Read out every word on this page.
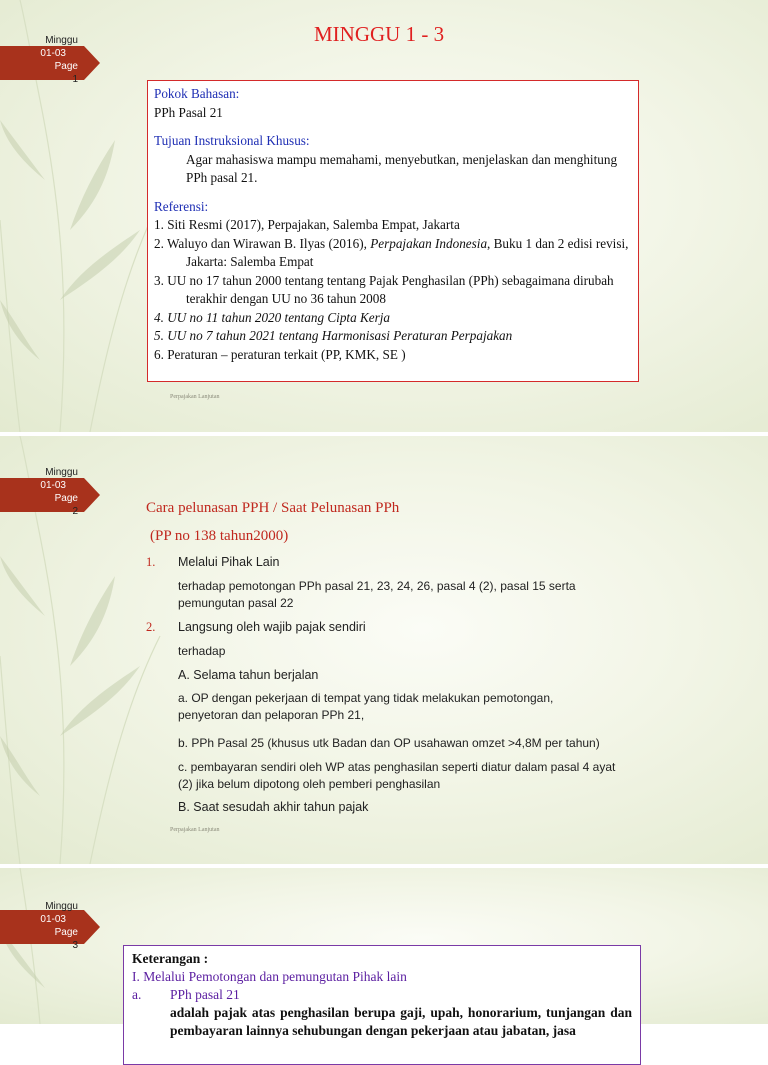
Minggu
01-03
Page
1
MINGGU 1 - 3
Pokok Bahasan:
PPh Pasal 21
Tujuan Instruksional Khusus:
Agar mahasiswa mampu memahami, menyebutkan, menjelaskan dan menghitung PPh pasal 21.
Referensi:
1. Siti Resmi (2017), Perpajakan, Salemba Empat, Jakarta
2. Waluyo dan Wirawan B. Ilyas (2016), Perpajakan Indonesia, Buku 1 dan 2 edisi revisi, Jakarta: Salemba Empat
3. UU no 17 tahun 2000 tentang tentang Pajak Penghasilan (PPh) sebagaimana dirubah terakhir dengan UU no 36 tahun 2008
4. UU no 11 tahun 2020 tentang Cipta Kerja
5. UU no 7 tahun 2021 tentang Harmonisasi Peraturan Perpajakan
6. Peraturan – peraturan terkait (PP, KMK, SE )
Perpajakan Lanjutan
Minggu
01-03
Page
2	Cara pelunasan PPH / Saat Pelunasan PPh
(PP no 138 tahun2000)
1. Melalui Pihak Lain
terhadap pemotongan PPh pasal 21, 23, 24, 26, pasal 4 (2), pasal 15 serta pemungutan pasal 22
2. Langsung oleh wajib pajak sendiri
terhadap
A. Selama tahun berjalan
a. OP dengan pekerjaan di tempat yang tidak melakukan pemotongan, penyetoran dan pelaporan PPh 21,
b. PPh Pasal 25 (khusus utk Badan dan OP usahawan omzet >4,8M per tahun)
c. pembayaran sendiri oleh WP atas penghasilan seperti diatur dalam pasal 4 ayat (2) jika belum dipotong oleh pemberi penghasilan
B. Saat sesudah akhir tahun pajak
Perpajakan Lanjutan
Minggu
01-03
Page
3
Keterangan :
I. Melalui Pemotongan dan pemungutan Pihak lain
a. PPh pasal 21
adalah pajak atas penghasilan berupa gaji, upah, honorarium, tunjangan dan pembayaran lainnya sehubungan dengan pekerjaan atau jabatan, jasa
